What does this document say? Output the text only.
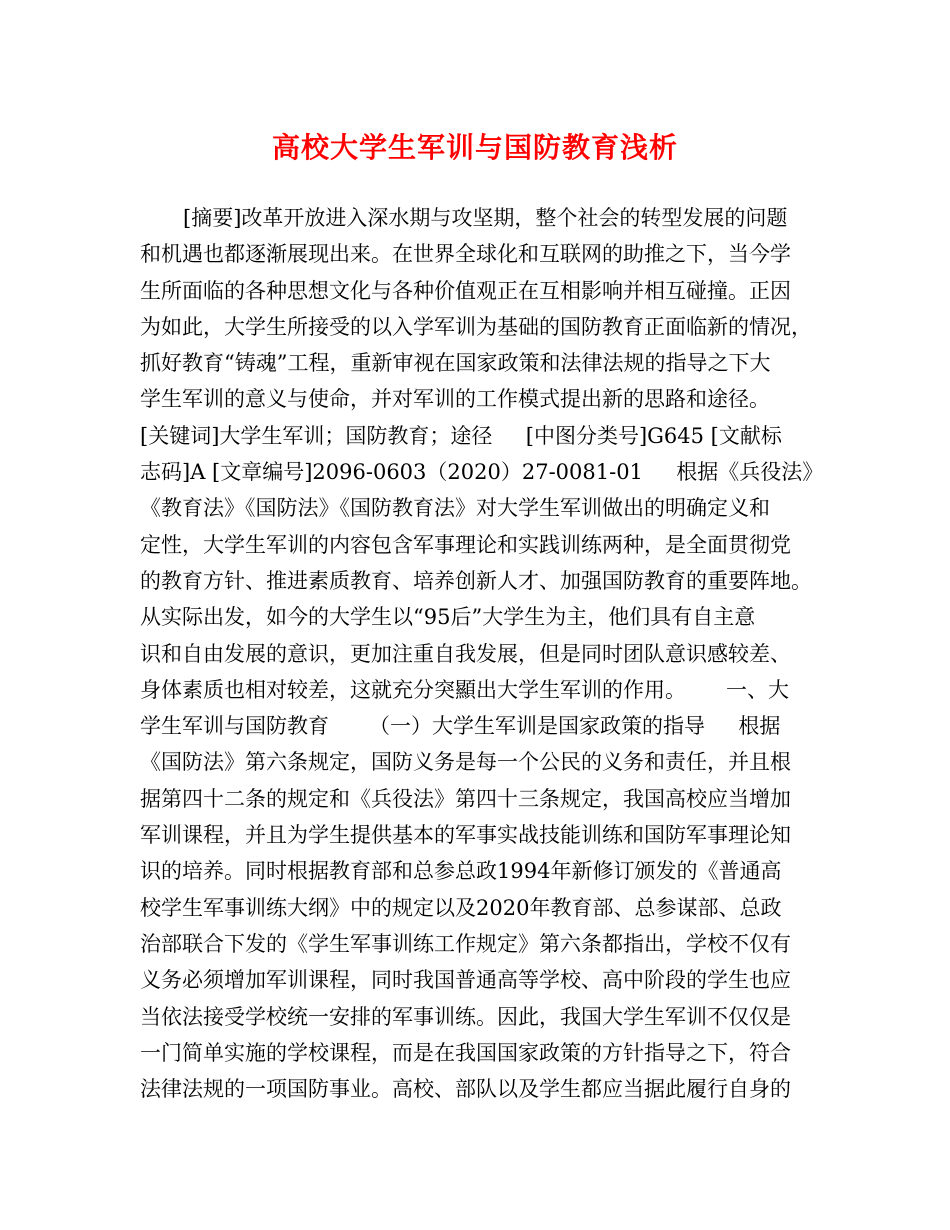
高校大学生军训与国防教育浅析
[摘要]改革开放进入深水期与攻坚期，整个社会的转型发展的问题
和机遇也都逐渐展现出来。在世界全球化和互联网的助推之下，当今学
生所面临的各种思想文化与各种价值观正在互相影响并相互碰撞。正因
为如此，大学生所接受的以入学军训为基础的国防教育正面临新的情况，
抓好教育“铸魂”工程，重新审视在国家政策和法律法规的指导之下大
学生军训的意义与使命，并对军训的工作模式提出新的思路和途径。
[关键词]大学生军训；国防教育；途径     [中图分类号]G645 [文献标
志码]A [文章编号]2096-0603（2020）27-0081-01     根据《兵役法》
《教育法》《国防法》《国防教育法》对大学生军训做出的明确定义和
定性，大学生军训的内容包含军事理论和实践训练两种，是全面贯彻党
的教育方针、推进素质教育、培养创新人才、加强国防教育的重要阵地。
从实际出发，如今的大学生以“95后”大学生为主，他们具有自主意
识和自由发展的意识，更加注重自我发展，但是同时团队意识感较差、
身体素质也相对较差，这就充分突顯出大学生军训的作用。      一、大
学生军训与国防教育      （一）大学生军训是国家政策的指导     根据
《国防法》第六条规定，国防义务是每一个公民的义务和责任，并且根
据第四十二条的规定和《兵役法》第四十三条规定，我国高校应当增加
军训课程，并且为学生提供基本的军事实战技能训练和国防军事理论知
识的培养。同时根据教育部和总参总政1994年新修订颁发的《普通高
校学生军事训练大纲》中的规定以及2020年教育部、总参谋部、总政
治部联合下发的《学生军事训练工作规定》第六条都指出，学校不仅有
义务必须增加军训课程，同时我国普通高等学校、高中阶段的学生也应
当依法接受学校统一安排的军事训练。因此，我国大学生军训不仅仅是
一门简单实施的学校课程，而是在我国国家政策的方针指导之下，符合
法律法规的一项国防事业。高校、部队以及学生都应当据此履行自身的
